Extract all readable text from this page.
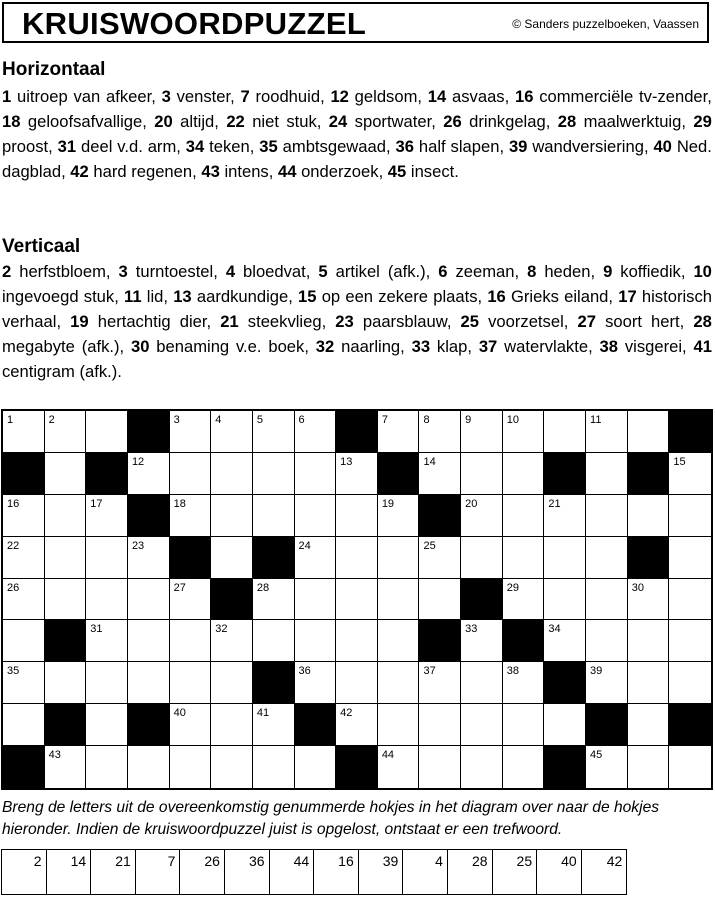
KRUISWOORDPUZZEL	© Sanders puzzelboeken, Vaassen
Horizontaal
1 uitroep van afkeer, 3 venster, 7 roodhuid, 12 geldsom, 14 asvaas, 16 commerciële tv-zender, 18 geloofsafvallige, 20 altijd, 22 niet stuk, 24 sportwater, 26 drinkgelag, 28 maalwerktuig, 29 proost, 31 deel v.d. arm, 34 teken, 35 ambtsgewaad, 36 half slapen, 39 wandversiering, 40 Ned. dagblad, 42 hard regenen, 43 intens, 44 onderzoek, 45 insect.
Verticaal
2 herfstbloem, 3 turntoestel, 4 bloedvat, 5 artikel (afk.), 6 zeeman, 8 heden, 9 koffiedik, 10 ingevoegd stuk, 11 lid, 13 aardkundige, 15 op een zekere plaats, 16 Grieks eiland, 17 historisch verhaal, 19 hertachtig dier, 21 steekvlieg, 23 paarsblauw, 25 voorzetsel, 27 soort hert, 28 megabyte (afk.), 30 benaming v.e. boek, 32 naarling, 33 klap, 37 watervlakte, 38 visgerei, 41 centigram (afk.).
1	2	3	4	5	6	7	8	9	10	11
12	13	14	15
16	17	18	19	20	21
22	23	24	25
26	27	28	29	30
31	32	33	34
35	36	37	38	39
40	41	42
43	44	45
Breng de letters uit de overeenkomstig genummerde hokjes in het diagram over naar de hokjes hieronder. Indien de kruiswoordpuzzel juist is opgelost, ontstaat er een trefwoord.
2 14 21	7 26 36 44 16 39	4 28 25 40 42
